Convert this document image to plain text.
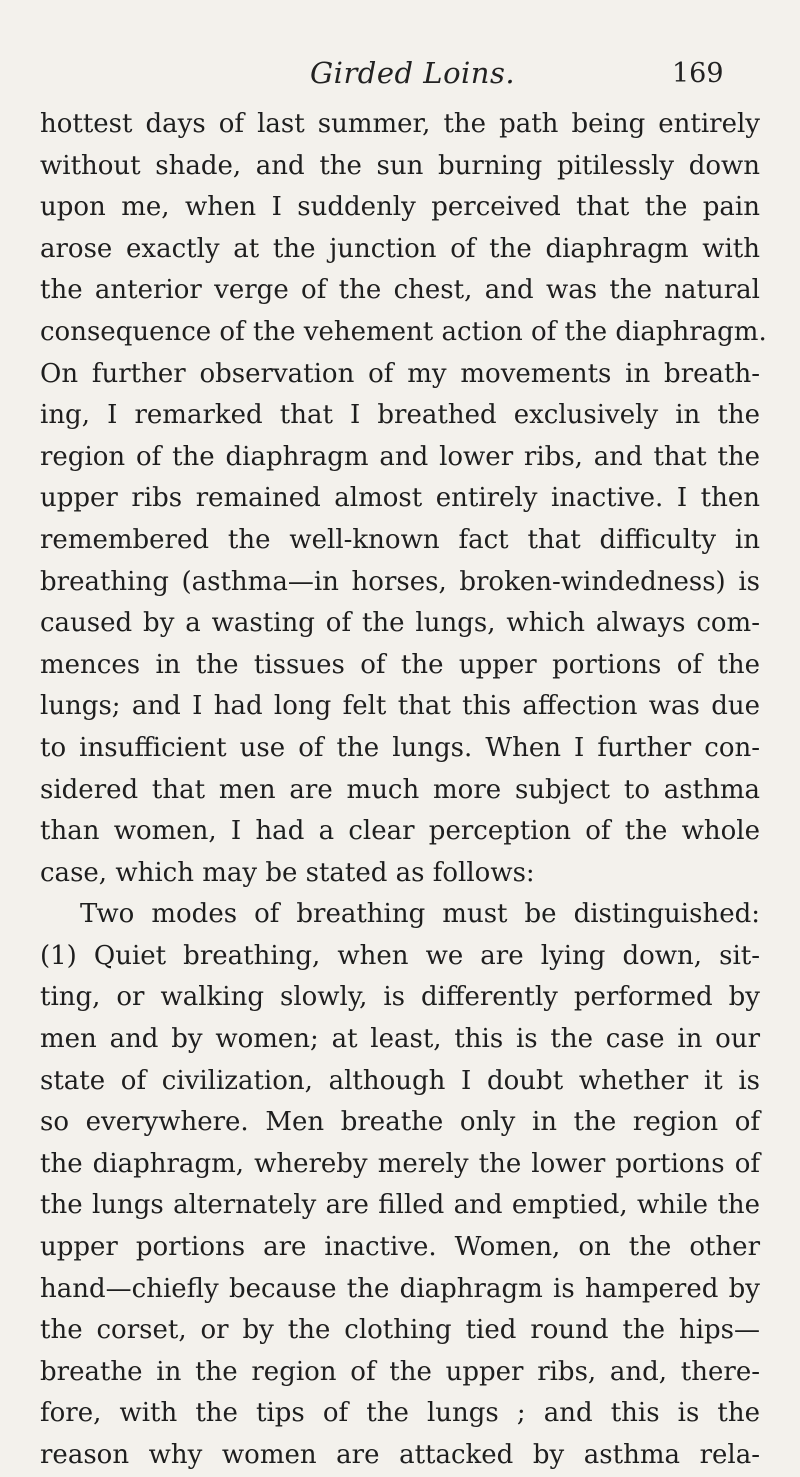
Girded Loins.	169
hottest days of last summer, the path being entirely
without shade, and the sun burning pitilessly down
upon me, when I suddenly perceived that the pain
arose exactly at the junction of the diaphragm with
the anterior verge of the chest, and was the natural
consequence of the vehement action of the diaphragm.
On further observation of my movements in breath-
ing, I remarked that I breathed exclusively in the
region of the diaphragm and lower ribs, and that the
upper ribs remained almost entirely inactive. I then
remembered the well-known fact that difficulty in
breathing (asthma—in horses, broken-windedness) is
caused by a wasting of the lungs, which always com-
mences in the tissues of the upper portions of the
lungs; and I had long felt that this affection was due
to insufficient use of the lungs. When I further con-
sidered that men are much more subject to asthma
than women, I had a clear perception of the whole
case, which may be stated as follows:
Two modes of breathing must be distinguished:
(1) Quiet breathing, when we are lying down, sit-
ting, or walking slowly, is differently performed by
men and by women; at least, this is the case in our
state of civilization, although I doubt whether it is
so everywhere. Men breathe only in the region of
the diaphragm, whereby merely the lower portions of
the lungs alternately are filled and emptied, while the
upper portions are inactive. Women, on the other
hand—chiefly because the diaphragm is hampered by
the corset, or by the clothing tied round the hips—
breathe in the region of the upper ribs, and, there-
fore, with the tips of the lungs ; and this is the
reason why women are attacked by asthma rela-
